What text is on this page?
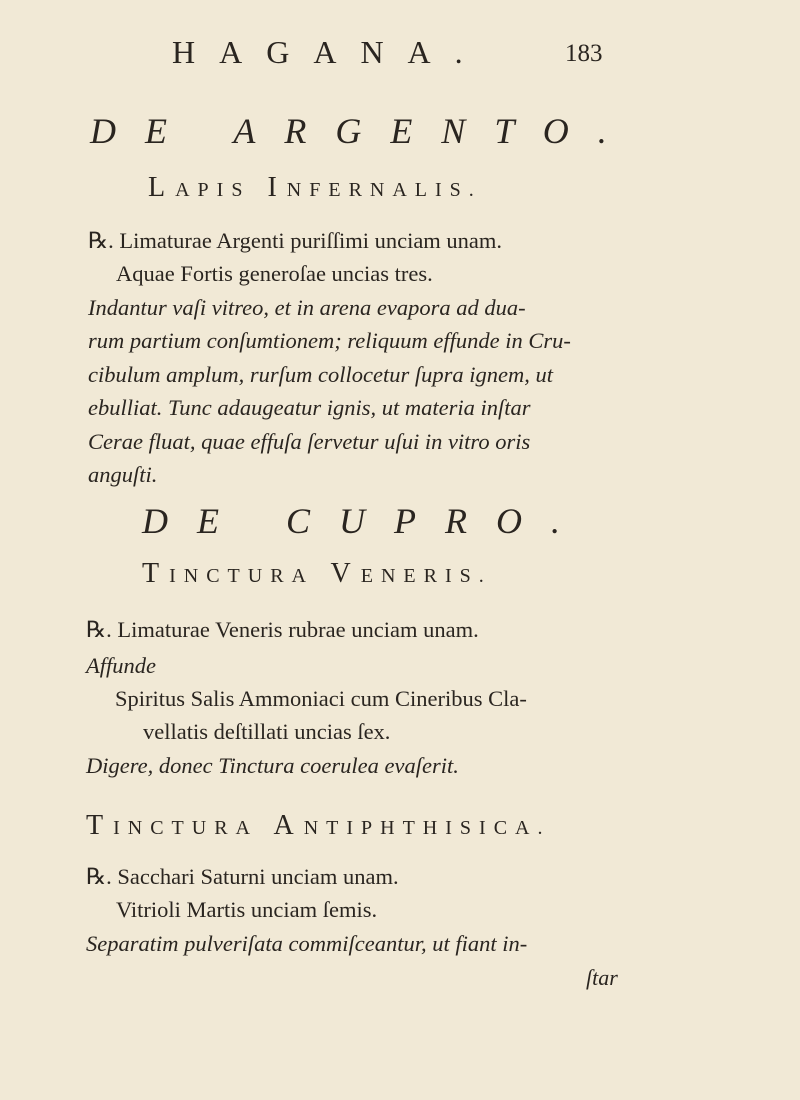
HAGANA.	183
DE ARGENTO.
LAPIS INFERNALIS.
℞. Limaturae Argenti puriſſimi unciam unam.
Aquae Fortis generoſae uncias tres.
Indantur vaſi vitreo, et in arena evapora ad dua-
rum partium conſumtionem; reliquum effunde in Cru-
cibulum amplum, rurſum collocetur ſupra ignem, ut
ebulliat. Tunc adaugeatur ignis, ut materia inſtar
Cerae fluat, quae effuſa ſervetur uſui in vitro oris
anguſti.
DE CUPRO.
TINCTURA VENERIS.
℞. Limaturae Veneris rubrae unciam unam.
Affunde
Spiritus Salis Ammoniaci cum Cineribus Cla-
vellatis deſtillati uncias ſex.
Digere, donec Tinctura coerulea evaſerit.
TINCTURA ANTIPHTHISICA.
℞. Sacchari Saturni unciam unam.
Vitrioli Martis unciam ſemis.
Separatim pulveriſata commiſceantur, ut fiant in-
ſtar
